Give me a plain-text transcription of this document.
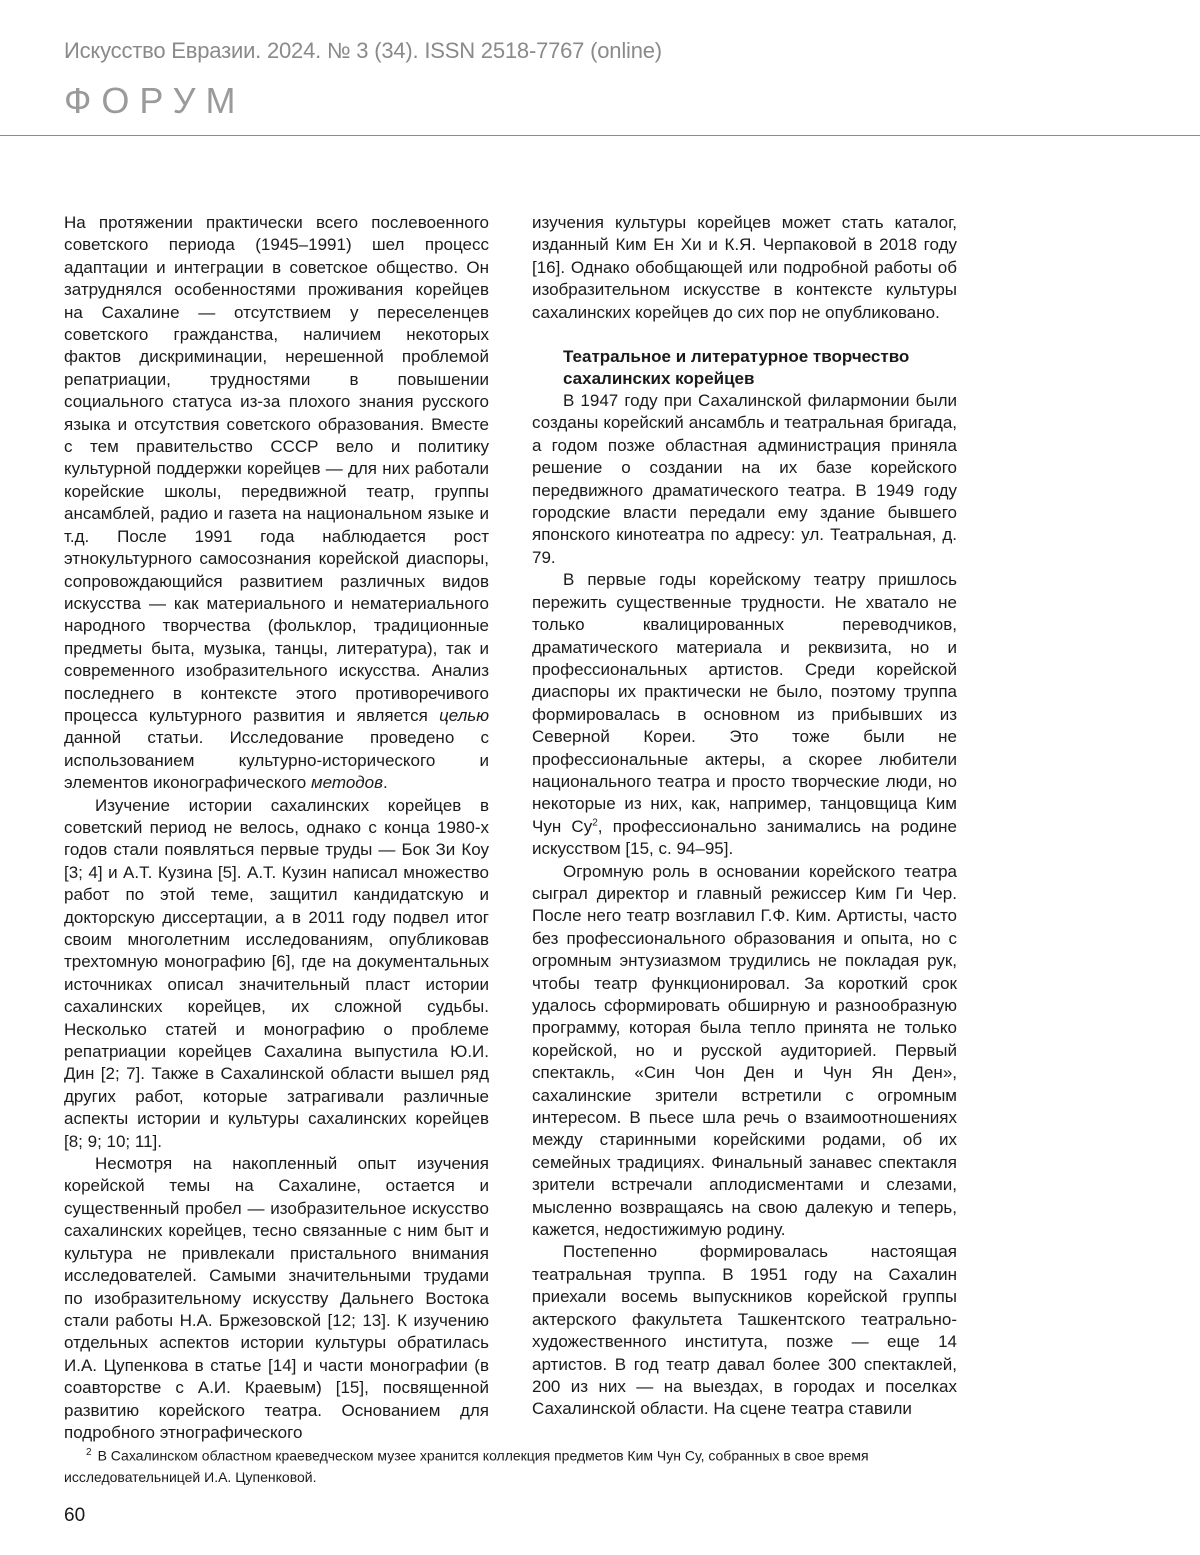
Искусство Евразии. 2024. № 3 (34). ISSN 2518-7767 (online)
ФОРУМ

На протяжении практически всего послевоенного советского периода (1945–1991) шел процесс адаптации и интеграции в советское общество. Он затруднялся особенностями проживания корейцев на Сахалине — отсутствием у переселенцев советского гражданства, наличием некоторых фактов дискриминации, нерешенной проблемой репатриации, трудностями в повышении социального статуса из-за плохого знания русского языка и отсутствия советского образования. Вместе с тем правительство СССР вело и политику культурной поддержки корейцев — для них работали корейские школы, передвижной театр, группы ансамблей, радио и газета на национальном языке и т.д. После 1991 года наблюдается рост этнокультурного самосознания корейской диаспоры, сопровождающийся развитием различных видов искусства — как материального и нематериального народного творчества (фольклор, традиционные предметы быта, музыка, танцы, литература), так и современного изобразительного искусства. Анализ последнего в контексте этого противоречивого процесса культурного развития и является целью данной статьи. Исследование проведено с использованием культурно-исторического и элементов иконографического методов.

Изучение истории сахалинских корейцев в советский период не велось, однако с конца 1980-х годов стали появляться первые труды — Бок Зи Коу [3; 4] и А.Т. Кузина [5]. А.Т. Кузин написал множество работ по этой теме, защитил кандидатскую и докторскую диссертации, а в 2011 году подвел итог своим многолетним исследованиям, опубликовав трехтомную монографию [6], где на документальных источниках описал значительный пласт истории сахалинских корейцев, их сложной судьбы. Несколько статей и монографию о проблеме репатриации корейцев Сахалина выпустила Ю.И. Дин [2; 7]. Также в Сахалинской области вышел ряд других работ, которые затрагивали различные аспекты истории и культуры сахалинских корейцев [8; 9; 10; 11].

Несмотря на накопленный опыт изучения корейской темы на Сахалине, остается и существенный пробел — изобразительное искусство сахалинских корейцев, тесно связанные с ним быт и культура не привлекали пристального внимания исследователей. Самыми значительными трудами по изобразительному искусству Дальнего Востока стали работы Н.А. Бржезовской [12; 13]. К изучению отдельных аспектов истории культуры обратилась И.А. Цупенкова в статье [14] и части монографии (в соавторстве с А.И. Краевым) [15], посвященной развитию корейского театра. Основанием для подробного этнографического

изучения культуры корейцев может стать каталог, изданный Ким Ен Хи и К.Я. Черпаковой в 2018 году [16]. Однако обобщающей или подробной работы об изобразительном искусстве в контексте культуры сахалинских корейцев до сих пор не опубликовано.

Театральное и литературное творчество
сахалинских корейцев

В 1947 году при Сахалинской филармонии были созданы корейский ансамбль и театральная бригада, а годом позже областная администрация приняла решение о создании на их базе корейского передвижного драматического театра. В 1949 году городские власти передали ему здание бывшего японского кинотеатра по адресу: ул. Театральная, д. 79.

В первые годы корейскому театру пришлось пережить существенные трудности. Не хватало не только квалицированных переводчиков, драматического материала и реквизита, но и профессиональных артистов. Среди корейской диаспоры их практически не было, поэтому труппа формировалась в основном из прибывших из Северной Кореи. Это тоже были не профессиональные актеры, а скорее любители национального театра и просто творческие люди, но некоторые из них, как, например, танцовщица Ким Чун $Су^2$, профессионально занимались на родине искусством [15, с. 94–95].

Огромную роль в основании корейского театра сыграл директор и главный режиссер Ким Ги Чер. После него театр возглавил Г.Ф. Ким. Артисты, часто без профессионального образования и опыта, но с огромным энтузиазмом трудились не покладая рук, чтобы театр функционировал. За короткий срок удалось сформировать обширную и разнообразную программу, которая была тепло принята не только корейской, но и русской аудиторией. Первый спектакль, «Син Чон Ден и Чун Ян Ден», сахалинские зрители встретили с огромным интересом. В пьесе шла речь о взаимоотношениях между старинными корейскими родами, об их семейных традициях. Финальный занавес спектакля зрители встречали аплодисментами и слезами, мысленно возвращаясь на свою далекую и теперь, кажется, недостижимую родину.

Постепенно формировалась настоящая театральная труппа. В 1951 году на Сахалин приехали восемь выпускников корейской группы актерского факультета Ташкентского театрально-художественного института, позже — еще 14 артистов. В год театр давал более 300 спектаклей, 200 из них — на выездах, в городах и поселках Сахалинской области. На сцене театра ставили

$^2$ В Сахалинском областном краеведческом музее хранится коллекция предметов Ким Чун Су, собранных в свое время исследовательницей И.А. Цупенковой.
60
